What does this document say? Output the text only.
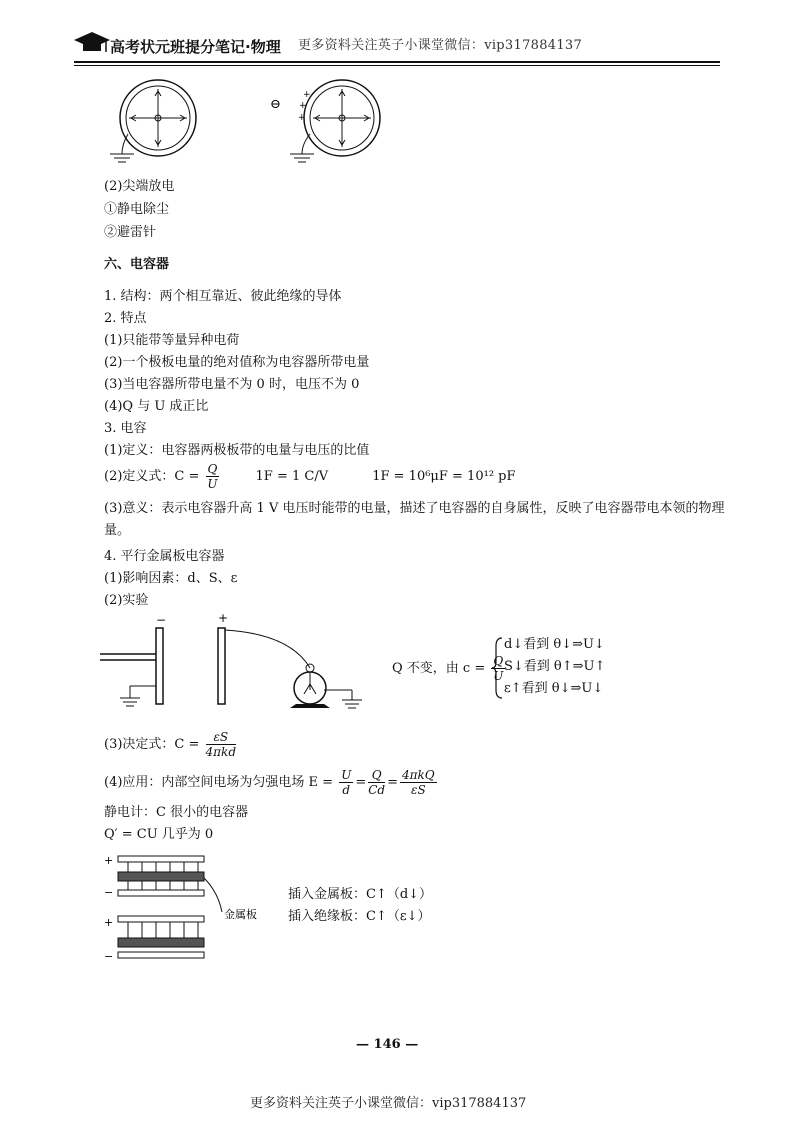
高考状元班提分笔记·物理 更多资料关注英子小课堂微信：vip317884137
⊖
+
+
+
(2)尖端放电
①静电除尘
②避雷针
六、电容器
1. 结构：两个相互靠近、彼此绝缘的导体
2. 特点
(1)只能带等量异种电荷
(2)一个极板电量的绝对值称为电容器所带电量
(3)当电容器所带电量不为 0 时，电压不为 0
(4)Q 与 U 成正比
3. 电容
(1)定义：电容器两极板带的电量与电压的比值
(2)定义式：$C = \frac{Q}{U}$	1F = 1 C/V	1F = 10⁶μF = 10¹² pF
(3)意义：表示电容器升高 1 V 电压时能带的电量，描述了电容器的自身属性，反映了电容器带电本领的物理量。
4. 平行金属板电容器
(1)影响因素：d、S、ε
(2)实验
−	+
Q 不变，由 $c = \frac{Q}{U}$
d↓看到 θ↓⇒U↓
S↓看到 θ↑⇒U↑
ε↑看到 θ↓⇒U↓
(3)决定式：$C = \frac{\varepsilon S}{\text{4πkd}}$
(4)应用：内部空间电场为匀强电场 $E = \frac{U}{d} = \frac{Q}{Cd} = \frac{\text{4πkQ}}{\varepsilon S}$
静电计：C 很小的电容器
Q′ = CU 几乎为 0
+
−
+
−
金属板
插入金属板：C↑（d↓）
插入绝缘板：C↑（ε↓）
— 146 —
更多资料关注英子小课堂微信：vip317884137
